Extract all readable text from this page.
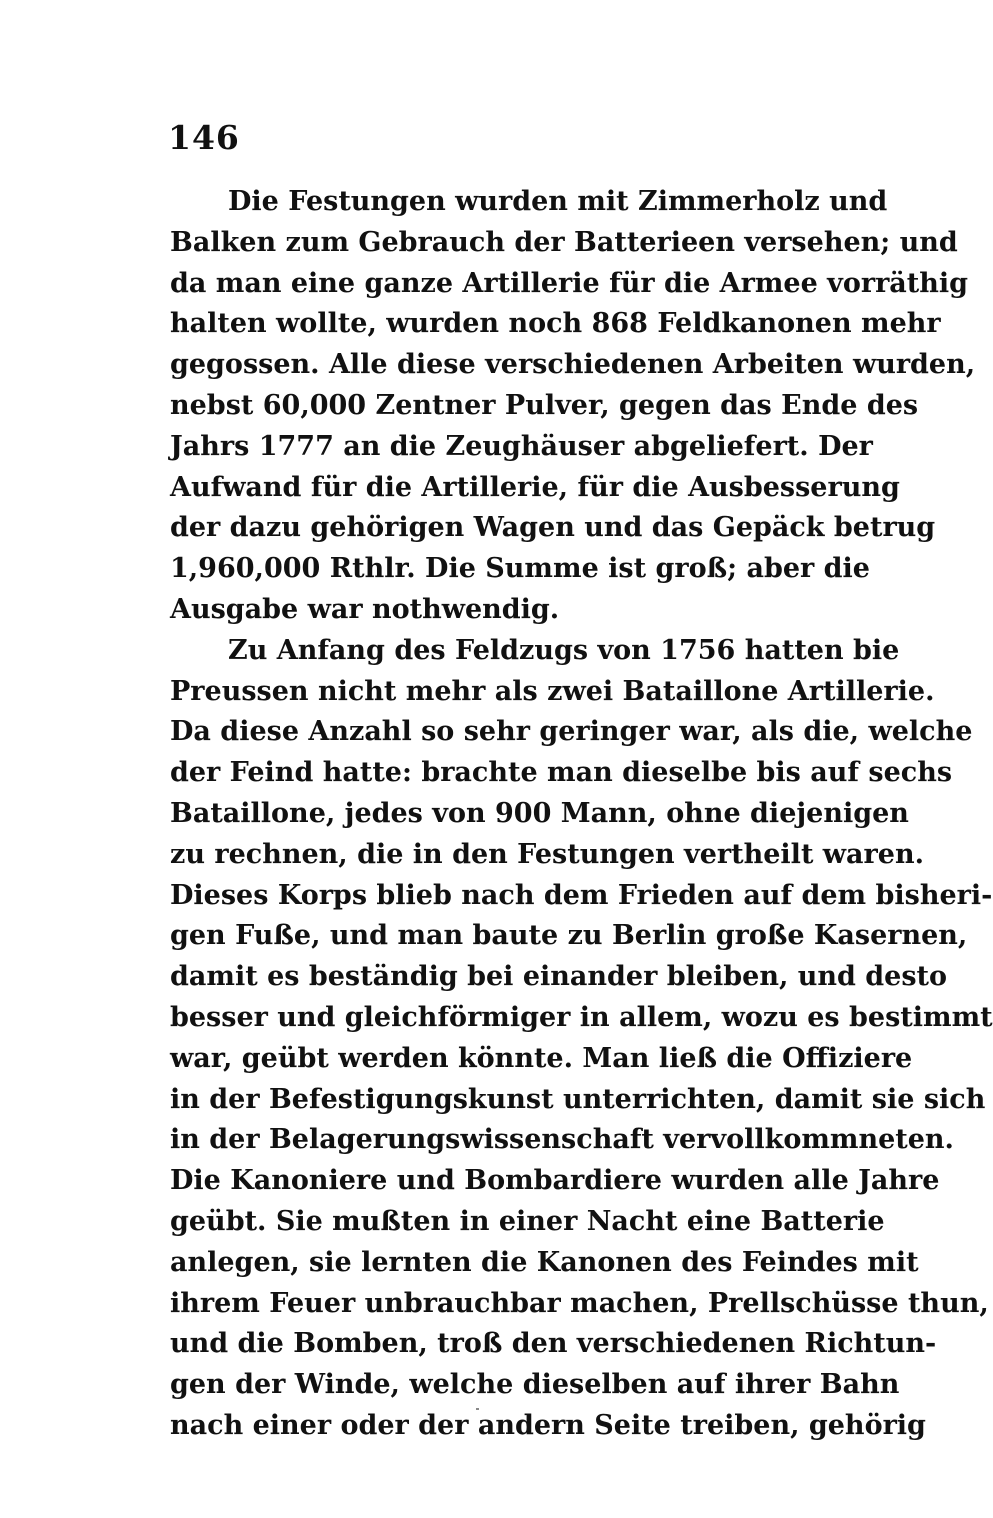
146
Die Festungen wurden mit Zimmerholz und
Balken zum Gebrauch der Batterieen versehen; und
da man eine ganze Artillerie für die Armee vorräthig
halten wollte, wurden noch 868 Feldkanonen mehr
gegossen. Alle diese verschiedenen Arbeiten wurden,
nebst 60,000 Zentner Pulver, gegen das Ende des
Jahrs 1777 an die Zeughäuser abgeliefert. Der
Aufwand für die Artillerie, für die Ausbesserung
der dazu gehörigen Wagen und das Gepäck betrug
1,960,000 Rthlr. Die Summe ist groß; aber die
Ausgabe war nothwendig.
Zu Anfang des Feldzugs von 1756 hatten bie
Preussen nicht mehr als zwei Bataillone Artillerie.
Da diese Anzahl so sehr geringer war, als die, welche
der Feind hatte: brachte man dieselbe bis auf sechs
Bataillone, jedes von 900 Mann, ohne diejenigen
zu rechnen, die in den Festungen vertheilt waren.
Dieses Korps blieb nach dem Frieden auf dem bisheri-
gen Fuße, und man baute zu Berlin große Kasernen,
damit es beständig bei einander bleiben, und desto
besser und gleichförmiger in allem, wozu es bestimmt
war, geübt werden könnte. Man ließ die Offiziere
in der Befestigungskunst unterrichten, damit sie sich
in der Belagerungswissenschaft vervollkommneten.
Die Kanoniere und Bombardiere wurden alle Jahre
geübt. Sie mußten in einer Nacht eine Batterie
anlegen, sie lernten die Kanonen des Feindes mit
ihrem Feuer unbrauchbar machen, Prellschüsse thun,
und die Bomben, troß den verschiedenen Richtun-
gen der Winde, welche dieselben auf ihrer Bahn
nach einer oder der andern Seite treiben, gehörig
